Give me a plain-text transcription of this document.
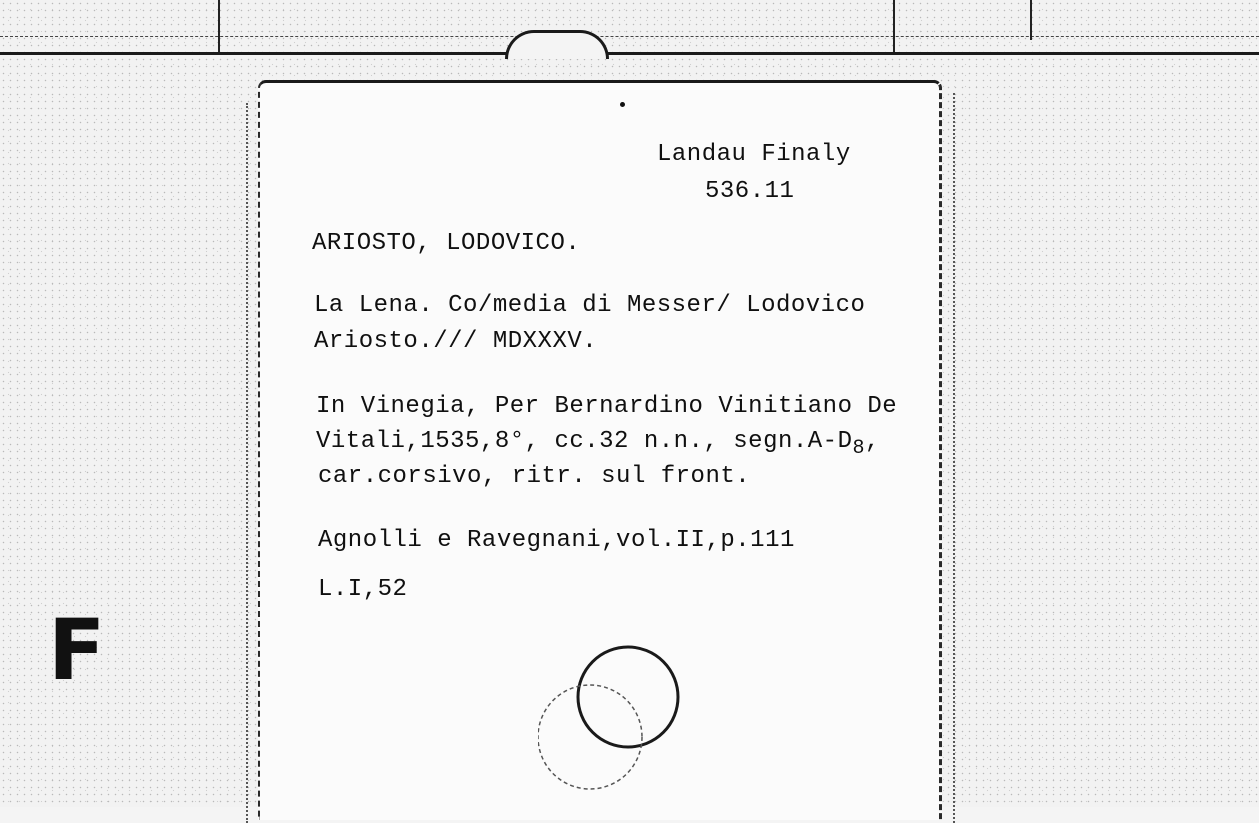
F
Landau Finaly
536.11
ARIOSTO, LODOVICO.
La Lena. Co/media di Messer/ Lodovico
Ariosto./// MDXXXV.
In Vinegia, Per Bernardino Vinitiano De
Vitali,1535,8°, cc.32 n.n., $segn.A-D_8$,
car.corsivo, ritr. sul front.
Agnolli e Ravegnani,vol.II,p.111
L.I,52
